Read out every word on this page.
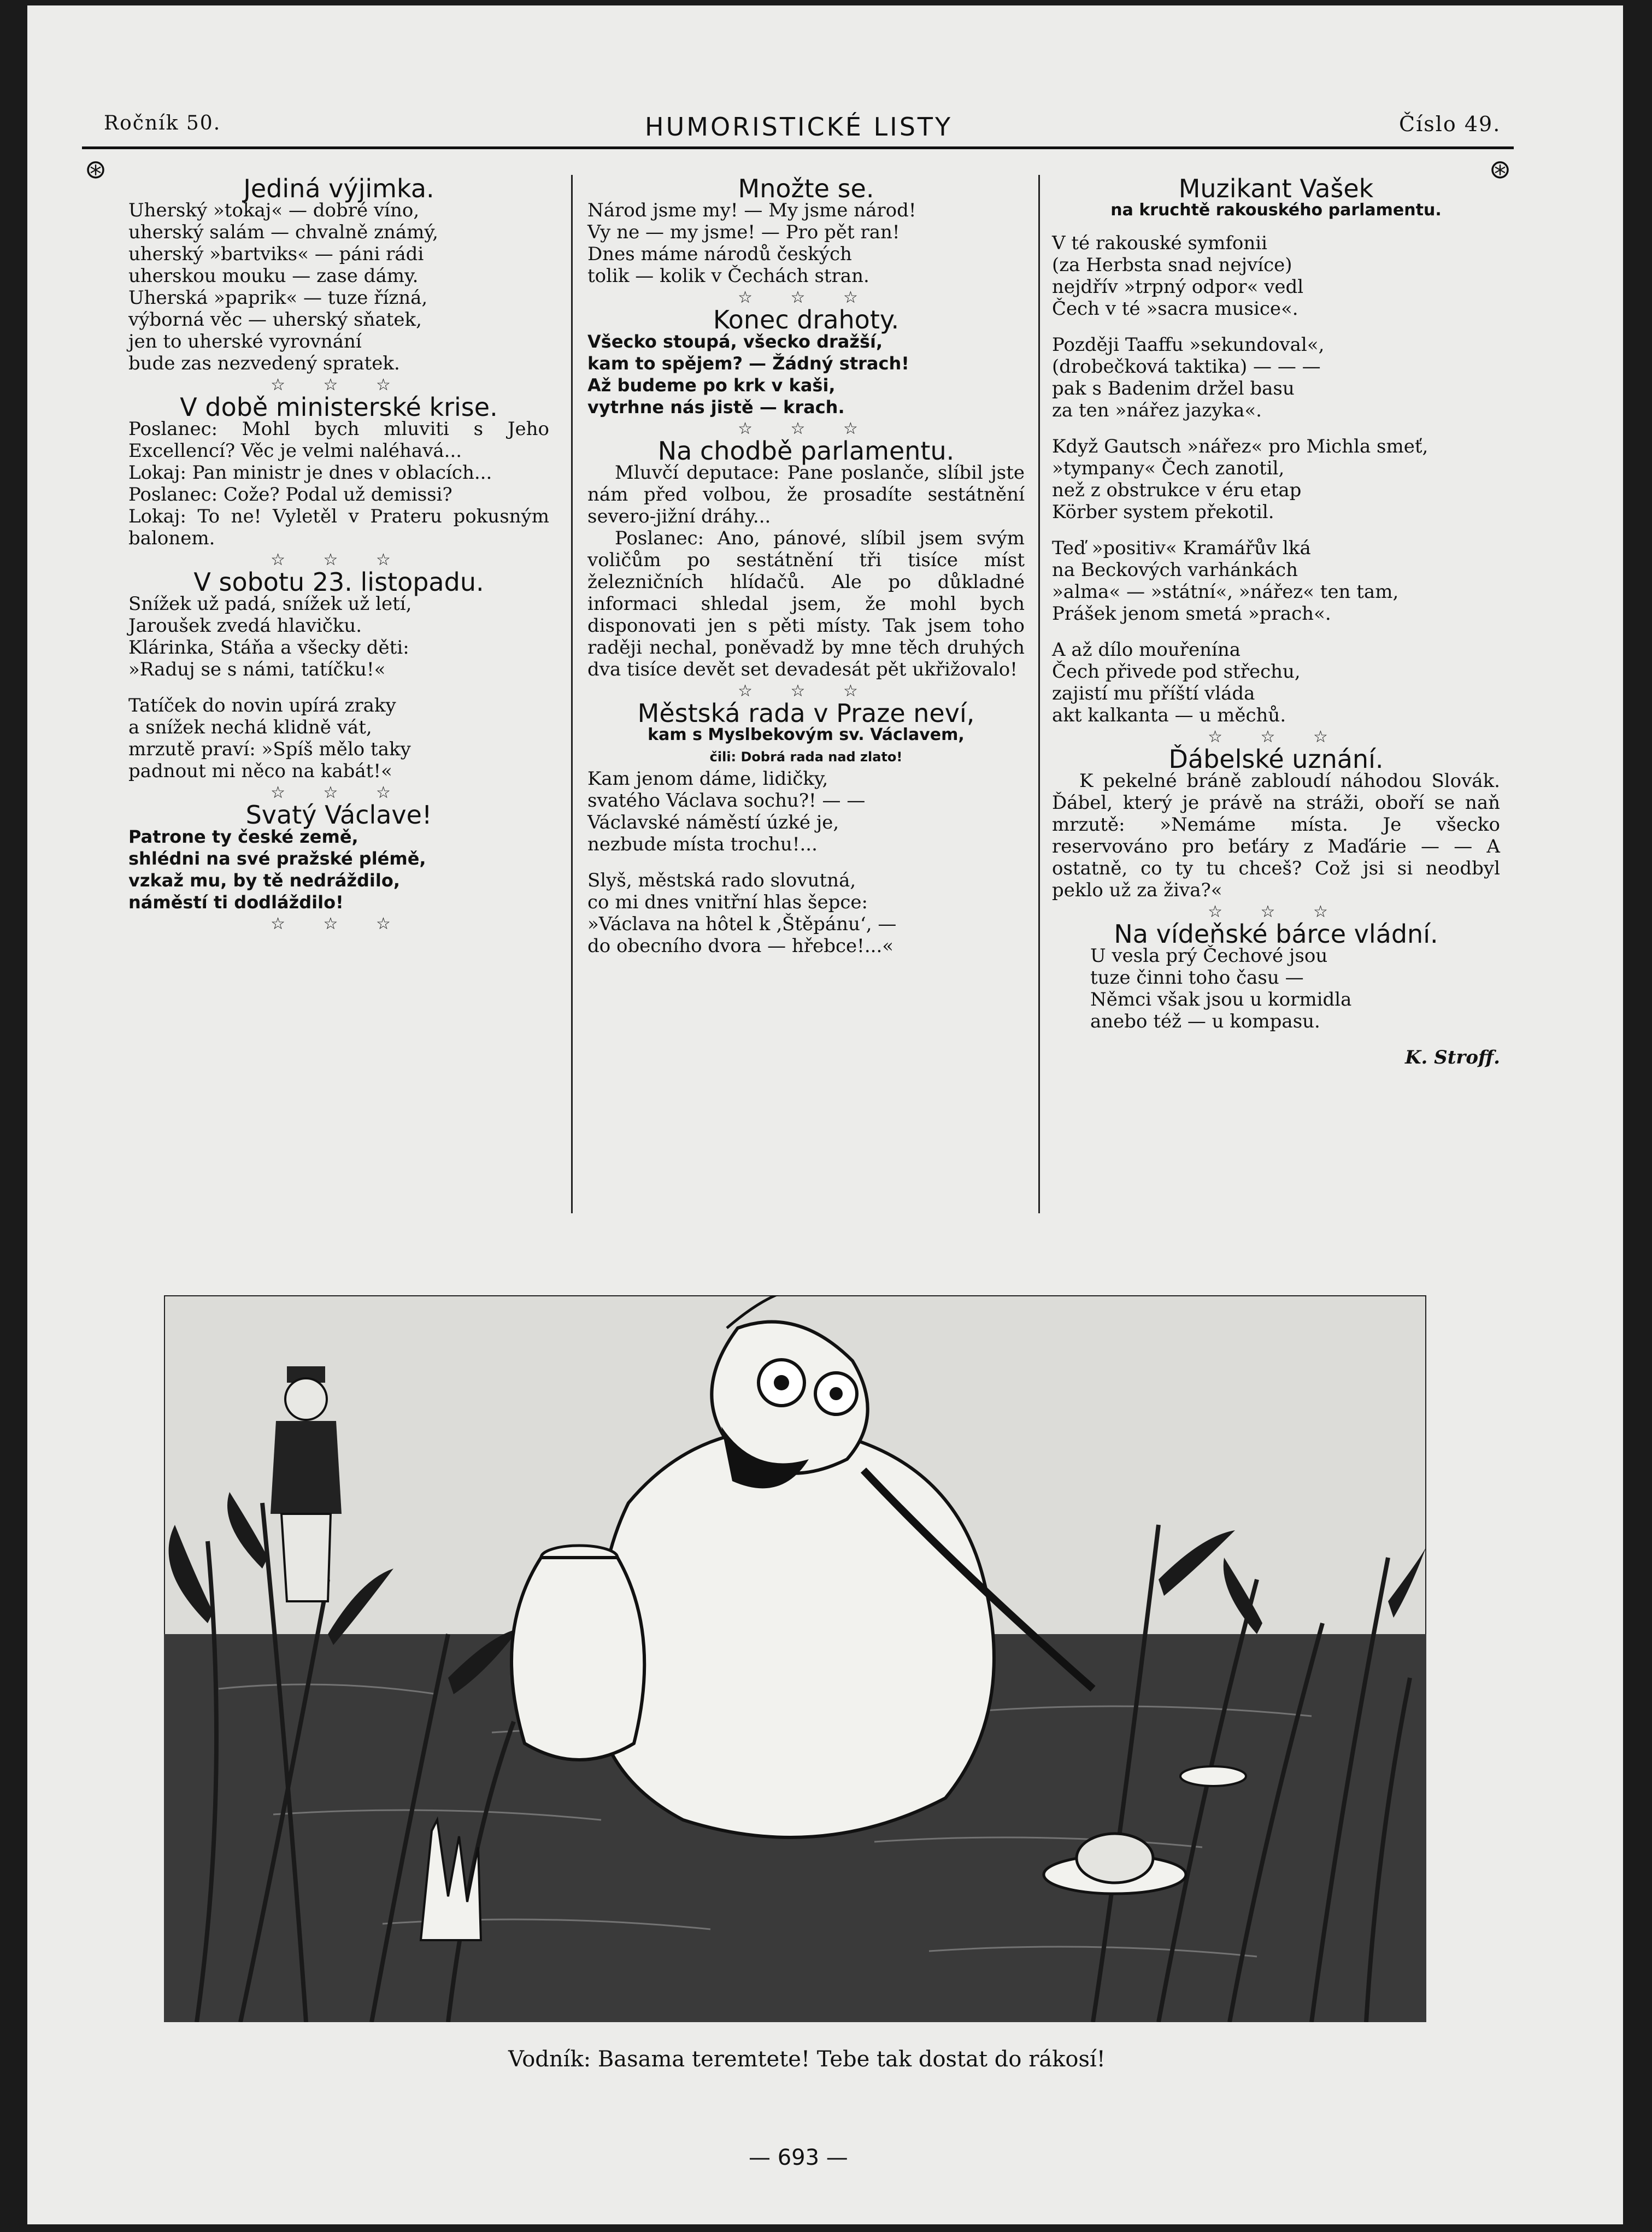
Ročník 50.	HUMORISTICKÉ LISTY	Číslo 49.
⊛	⊛

Jediná výjimka.

Uherský »tokaj« — dobré víno,

uherský salám — chvalně známý,

uherský »bartviks« — páni rádi

uherskou mouku — zase dámy.

Uherská »paprik« — tuze řízná,

výborná věc — uherský sňatek,

jen to uherské vyrovnání

bude zas nezvedený spratek.

☆ ☆ ☆

V době ministerské krise.

Poslanec: Mohl bych mluviti s Jeho Excellencí? Věc je velmi naléhavá...

Lokaj: Pan ministr je dnes v oblacích...

Poslanec: Cože? Podal už demissi?

Lokaj: To ne! Vyletěl v Prateru pokusným balonem.

☆ ☆ ☆

V sobotu 23. listopadu.

Snížek už padá, snížek už letí,

Jaroušek zvedá hlavičku.

Klárinka, Stáňa a všecky děti:

»Raduj se s námi, tatíčku!«

Tatíček do novin upírá zraky

a snížek nechá klidně vát,

mrzutě praví: »Spíš mělo taky

padnout mi něco na kabát!«

☆ ☆ ☆

Svatý Václave!

Patrone ty české země,

shlédni na své pražské plémě,

vzkaž mu, by tě nedráždilo,

náměstí ti dodláždilo!

☆ ☆ ☆

Množte se.

Národ jsme my! — My jsme národ!

Vy ne — my jsme! — Pro pět ran!

Dnes máme národů českých

tolik — kolik v Čechách stran.

☆ ☆ ☆

Konec drahoty.

Všecko stoupá, všecko dražší,

kam to spějem? — Žádný strach!

Až budeme po krk v kaši,

vytrhne nás jistě — krach.

☆ ☆ ☆

Na chodbě parlamentu.

Mluvčí deputace: Pane poslanče, slíbil jste nám před volbou, že prosadíte sestátnění severo-jižní dráhy...

Poslanec: Ano, pánové, slíbil jsem svým voličům po sestátnění tři tisíce míst železničních hlídačů. Ale po důkladné informaci shledal jsem, že mohl bych disponovati jen s pěti místy. Tak jsem toho raději nechal, poněvadž by mne těch druhých dva tisíce devět set devadesát pět ukřižovalo!

☆ ☆ ☆

Městská rada v Praze neví,

kam s Myslbekovým sv. Václavem,

čili: Dobrá rada nad zlato!

Kam jenom dáme, lidičky,

svatého Václava sochu?! — —

Václavské náměstí úzké je,

nezbude místa trochu!...

Slyš, městská rado slovutná,

co mi dnes vnitřní hlas šepce:

»Václava na hôtel k ‚Štěpánu‘, —

do obecního dvora — hřebce!...«

Muzikant Vašek

na kruchtě rakouského parlamentu.

V té rakouské symfonii

(za Herbsta snad nejvíce)

nejdřív »trpný odpor« vedl

Čech v té »sacra musice«.

Později Taaffu »sekundoval«,

(drobečková taktika) — — —

pak s Badenim držel basu

za ten »nářez jazyka«.

Když Gautsch »nářez« pro Michla smeť,

»tympany« Čech zanotil,

než z obstrukce v éru etap

Körber system překotil.

Teď »positiv« Kramářův lká

na Beckových varhánkách

»alma« — »státní«, »nářez« ten tam,

Prášek jenom smetá »prach«.

A až dílo mouřenína

Čech přivede pod střechu,

zajistí mu příští vláda

akt kalkanta — u měchů.

☆ ☆ ☆

Ďábelské uznání.

K pekelné bráně zabloudí náhodou Slovák. Ďábel, který je právě na stráži, oboří se naň mrzutě: »Nemáme místa. Je všecko reservováno pro beťáry z Maďárie — — A ostatně, co ty tu chceš? Což jsi si neodbyl peklo už za živa?«

☆ ☆ ☆

Na vídeňské bárce vládní.

U vesla prý Čechové jsou

tuze činni toho času —

Němci však jsou u kormidla

anebo též — u kompasu.

K. Stroff.

Vodník: Basama teremtete! Tebe tak dostat do rákosí!
— 693 —
